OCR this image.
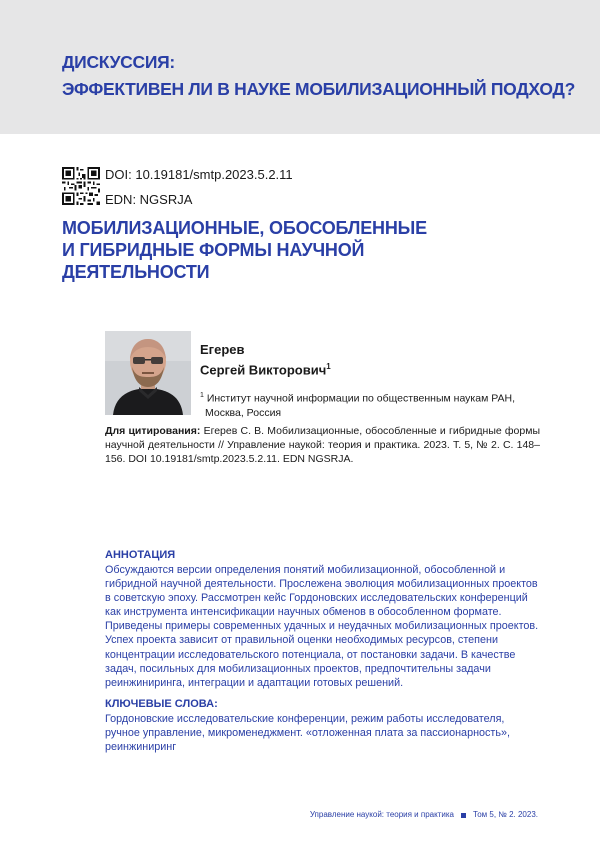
ДИСКУССИЯ:
ЭФФЕКТИВЕН ЛИ В НАУКЕ МОБИЛИЗАЦИОННЫЙ ПОДХОД?
DOI: 10.19181/smtp.2023.5.2.11
EDN: NGSRJA
МОБИЛИЗАЦИОННЫЕ, ОБОСОБЛЕННЫЕ
И ГИБРИДНЫЕ ФОРМЫ НАУЧНОЙ
ДЕЯТЕЛЬНОСТИ
Егерев
Сергей Викторович$^1$
$^1$ Институт научной информации по общественным наукам РАН,
Москва, Россия
Для цитирования: Егерев С. В. Мобилизационные, обособленные и гибридные формы научной деятельности // Управление наукой: теория и практика. 2023. Т. 5, № 2. С. 148–156. DOI 10.19181/smtp.2023.5.2.11. EDN NGSRJA.
АННОТАЦИЯ

Обсуждаются версии определения понятий мобилизационной, обособленной и гибридной научной деятельности. Прослежена эволюция мобилизационных проектов в советскую эпоху. Рассмотрен кейс Гордоновских исследовательских конференций как инструмента интенсификации научных обменов в обособленном формате. Приведены примеры современных удачных и неудачных мобилизационных проектов. Успех проекта зависит от правильной оценки необходимых ресурсов, степени концентрации исследовательского потенциала, от постановки задачи. В качестве задач, посильных для мобилизационных проектов, предпочтительны задачи реинжиниринга, интеграции и адаптации готовых решений.

КЛЮЧЕВЫЕ СЛОВА:

Гордоновские исследовательские конференции, режим работы исследователя, ручное управление, микроменеджмент. «отложенная плата за пассионарность», реинжиниринг

Управление наукой: теория и практика Том 5, № 2. 2023.
